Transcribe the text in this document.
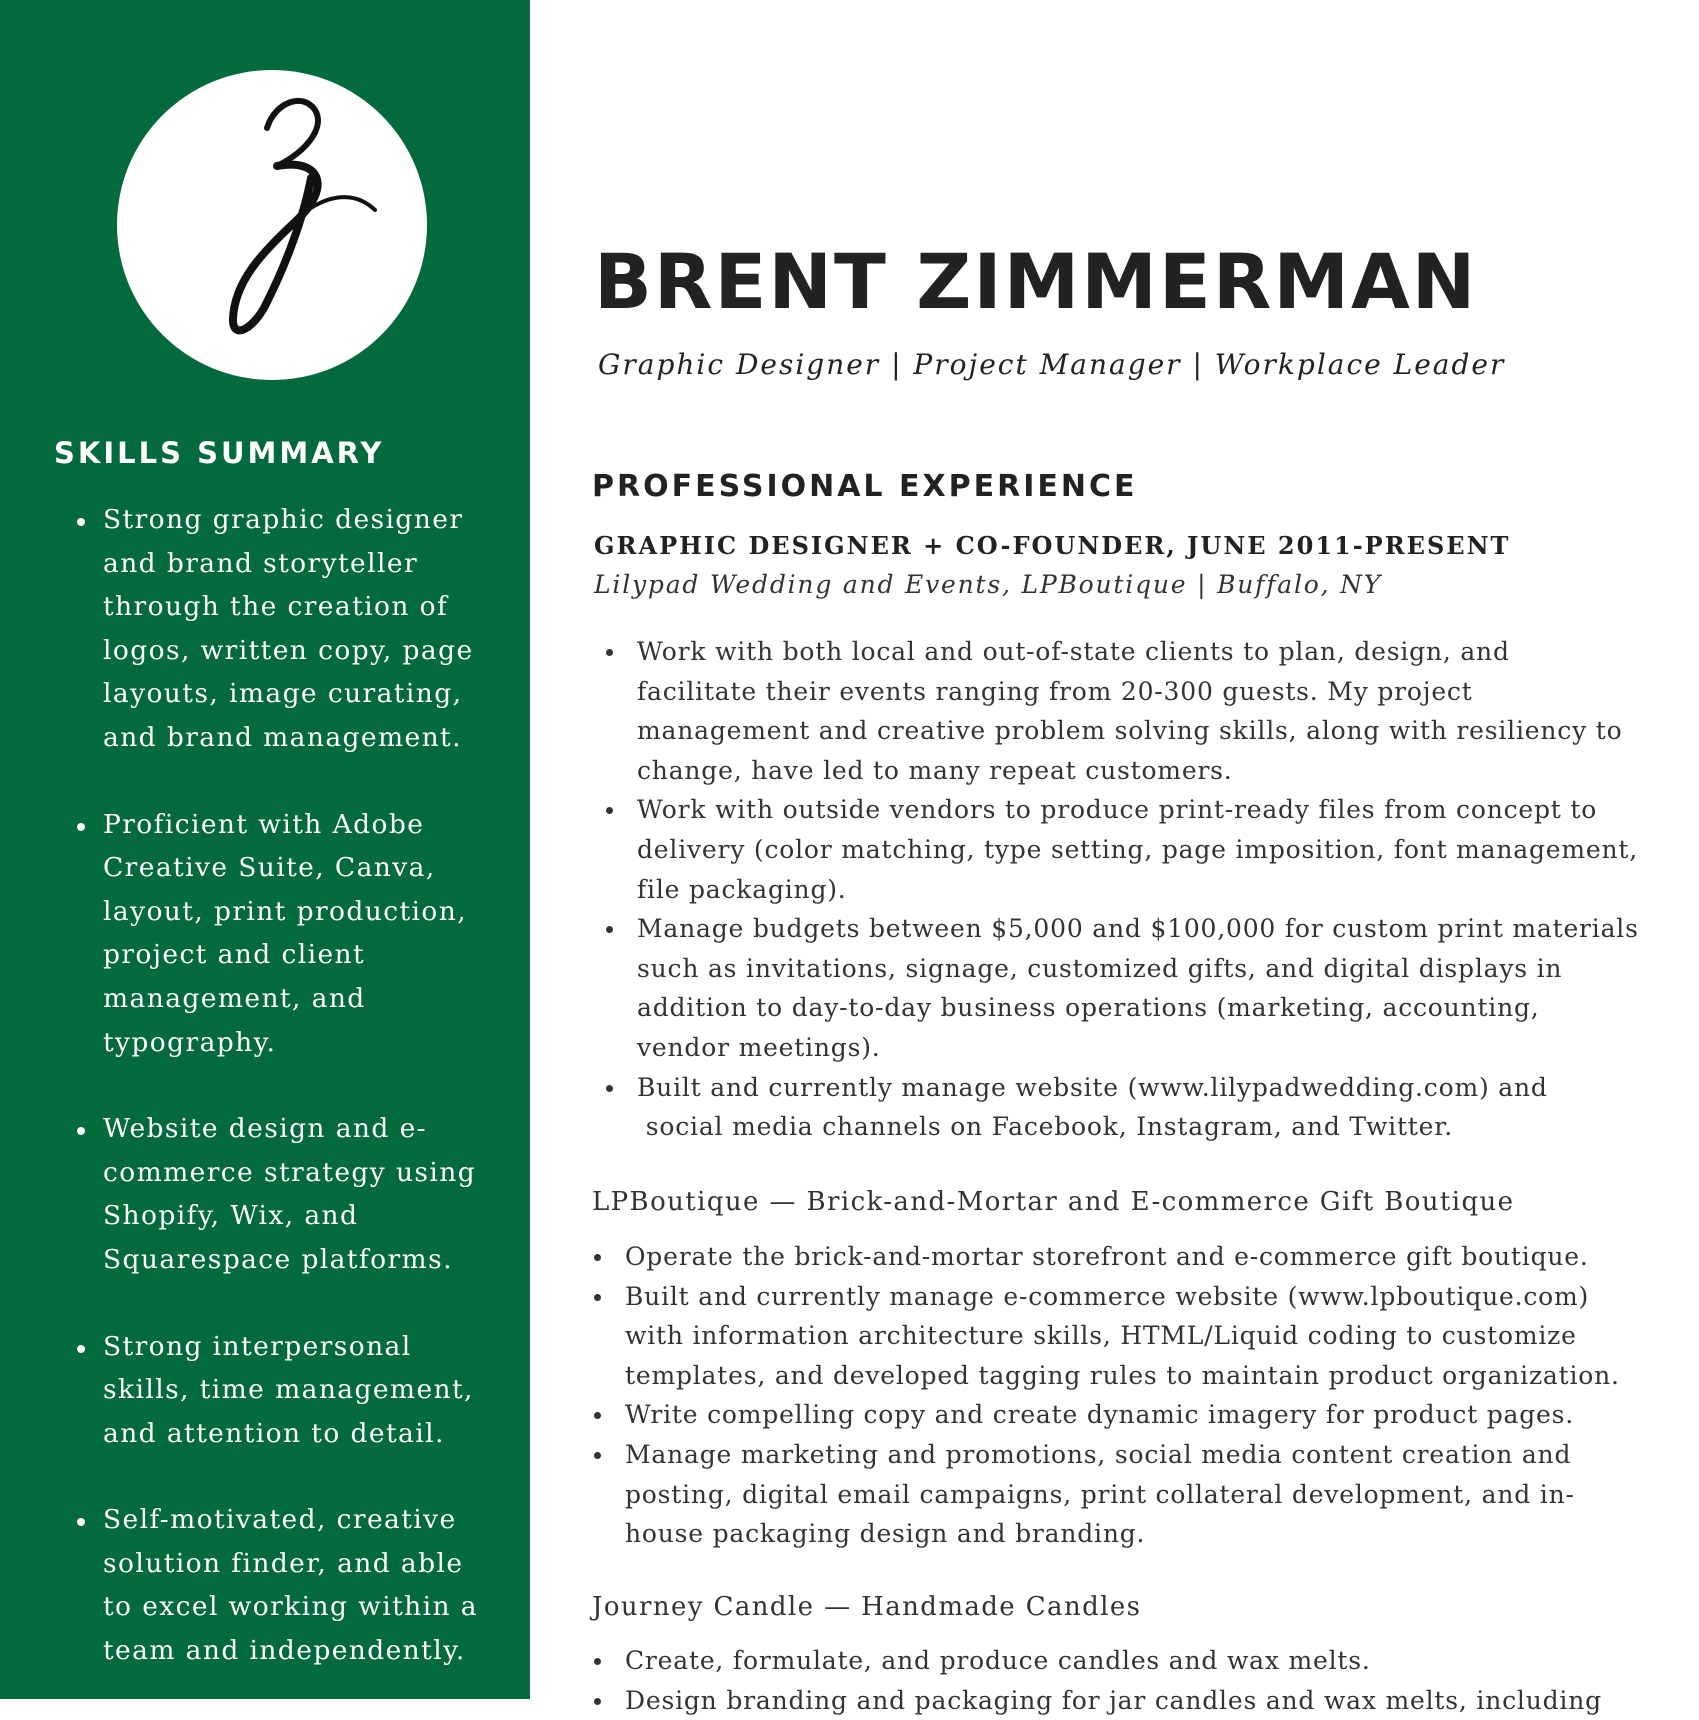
SKILLS SUMMARY
Strong graphic designer
and brand storyteller
through the creation of
logos, written copy, page
layouts, image curating,
and brand management.
Proficient with Adobe
Creative Suite, Canva,
layout, print production,
project and client
management, and
typography.
Website design and e-
commerce strategy using
Shopify, Wix, and
Squarespace platforms.
Strong interpersonal
skills, time management,
and attention to detail.
Self-motivated, creative
solution finder, and able
to excel working within a
team and independently.
BRENT ZIMMERMAN
Graphic Designer | Project Manager | Workplace Leader
PROFESSIONAL EXPERIENCE
GRAPHIC DESIGNER + CO-FOUNDER, JUNE 2011-PRESENT
Lilypad Wedding and Events, LPBoutique | Buffalo, NY
Work with both local and out-of-state clients to plan, design, and
facilitate their events ranging from 20-300 guests. My project
management and creative problem solving skills, along with resiliency to
change, have led to many repeat customers.
Work with outside vendors to produce print-ready files from concept to
delivery (color matching, type setting, page imposition, font management,
file packaging).
Manage budgets between $5,000 and $100,000 for custom print materials
such as invitations, signage, customized gifts, and digital displays in
addition to day-to-day business operations (marketing, accounting,
vendor meetings).
Built and currently manage website (www.lilypadwedding.com) and
social media channels on Facebook, Instagram, and Twitter.
LPBoutique — Brick-and-Mortar and E-commerce Gift Boutique
Operate the brick-and-mortar storefront and e-commerce gift boutique.
Built and currently manage e-commerce website (www.lpboutique.com)
with information architecture skills, HTML/Liquid coding to customize
templates, and developed tagging rules to maintain product organization.
Write compelling copy and create dynamic imagery for product pages.
Manage marketing and promotions, social media content creation and
posting, digital email campaigns, print collateral development, and in-
house packaging design and branding.
Journey Candle — Handmade Candles
Create, formulate, and produce candles and wax melts.
Design branding and packaging for jar candles and wax melts, including
